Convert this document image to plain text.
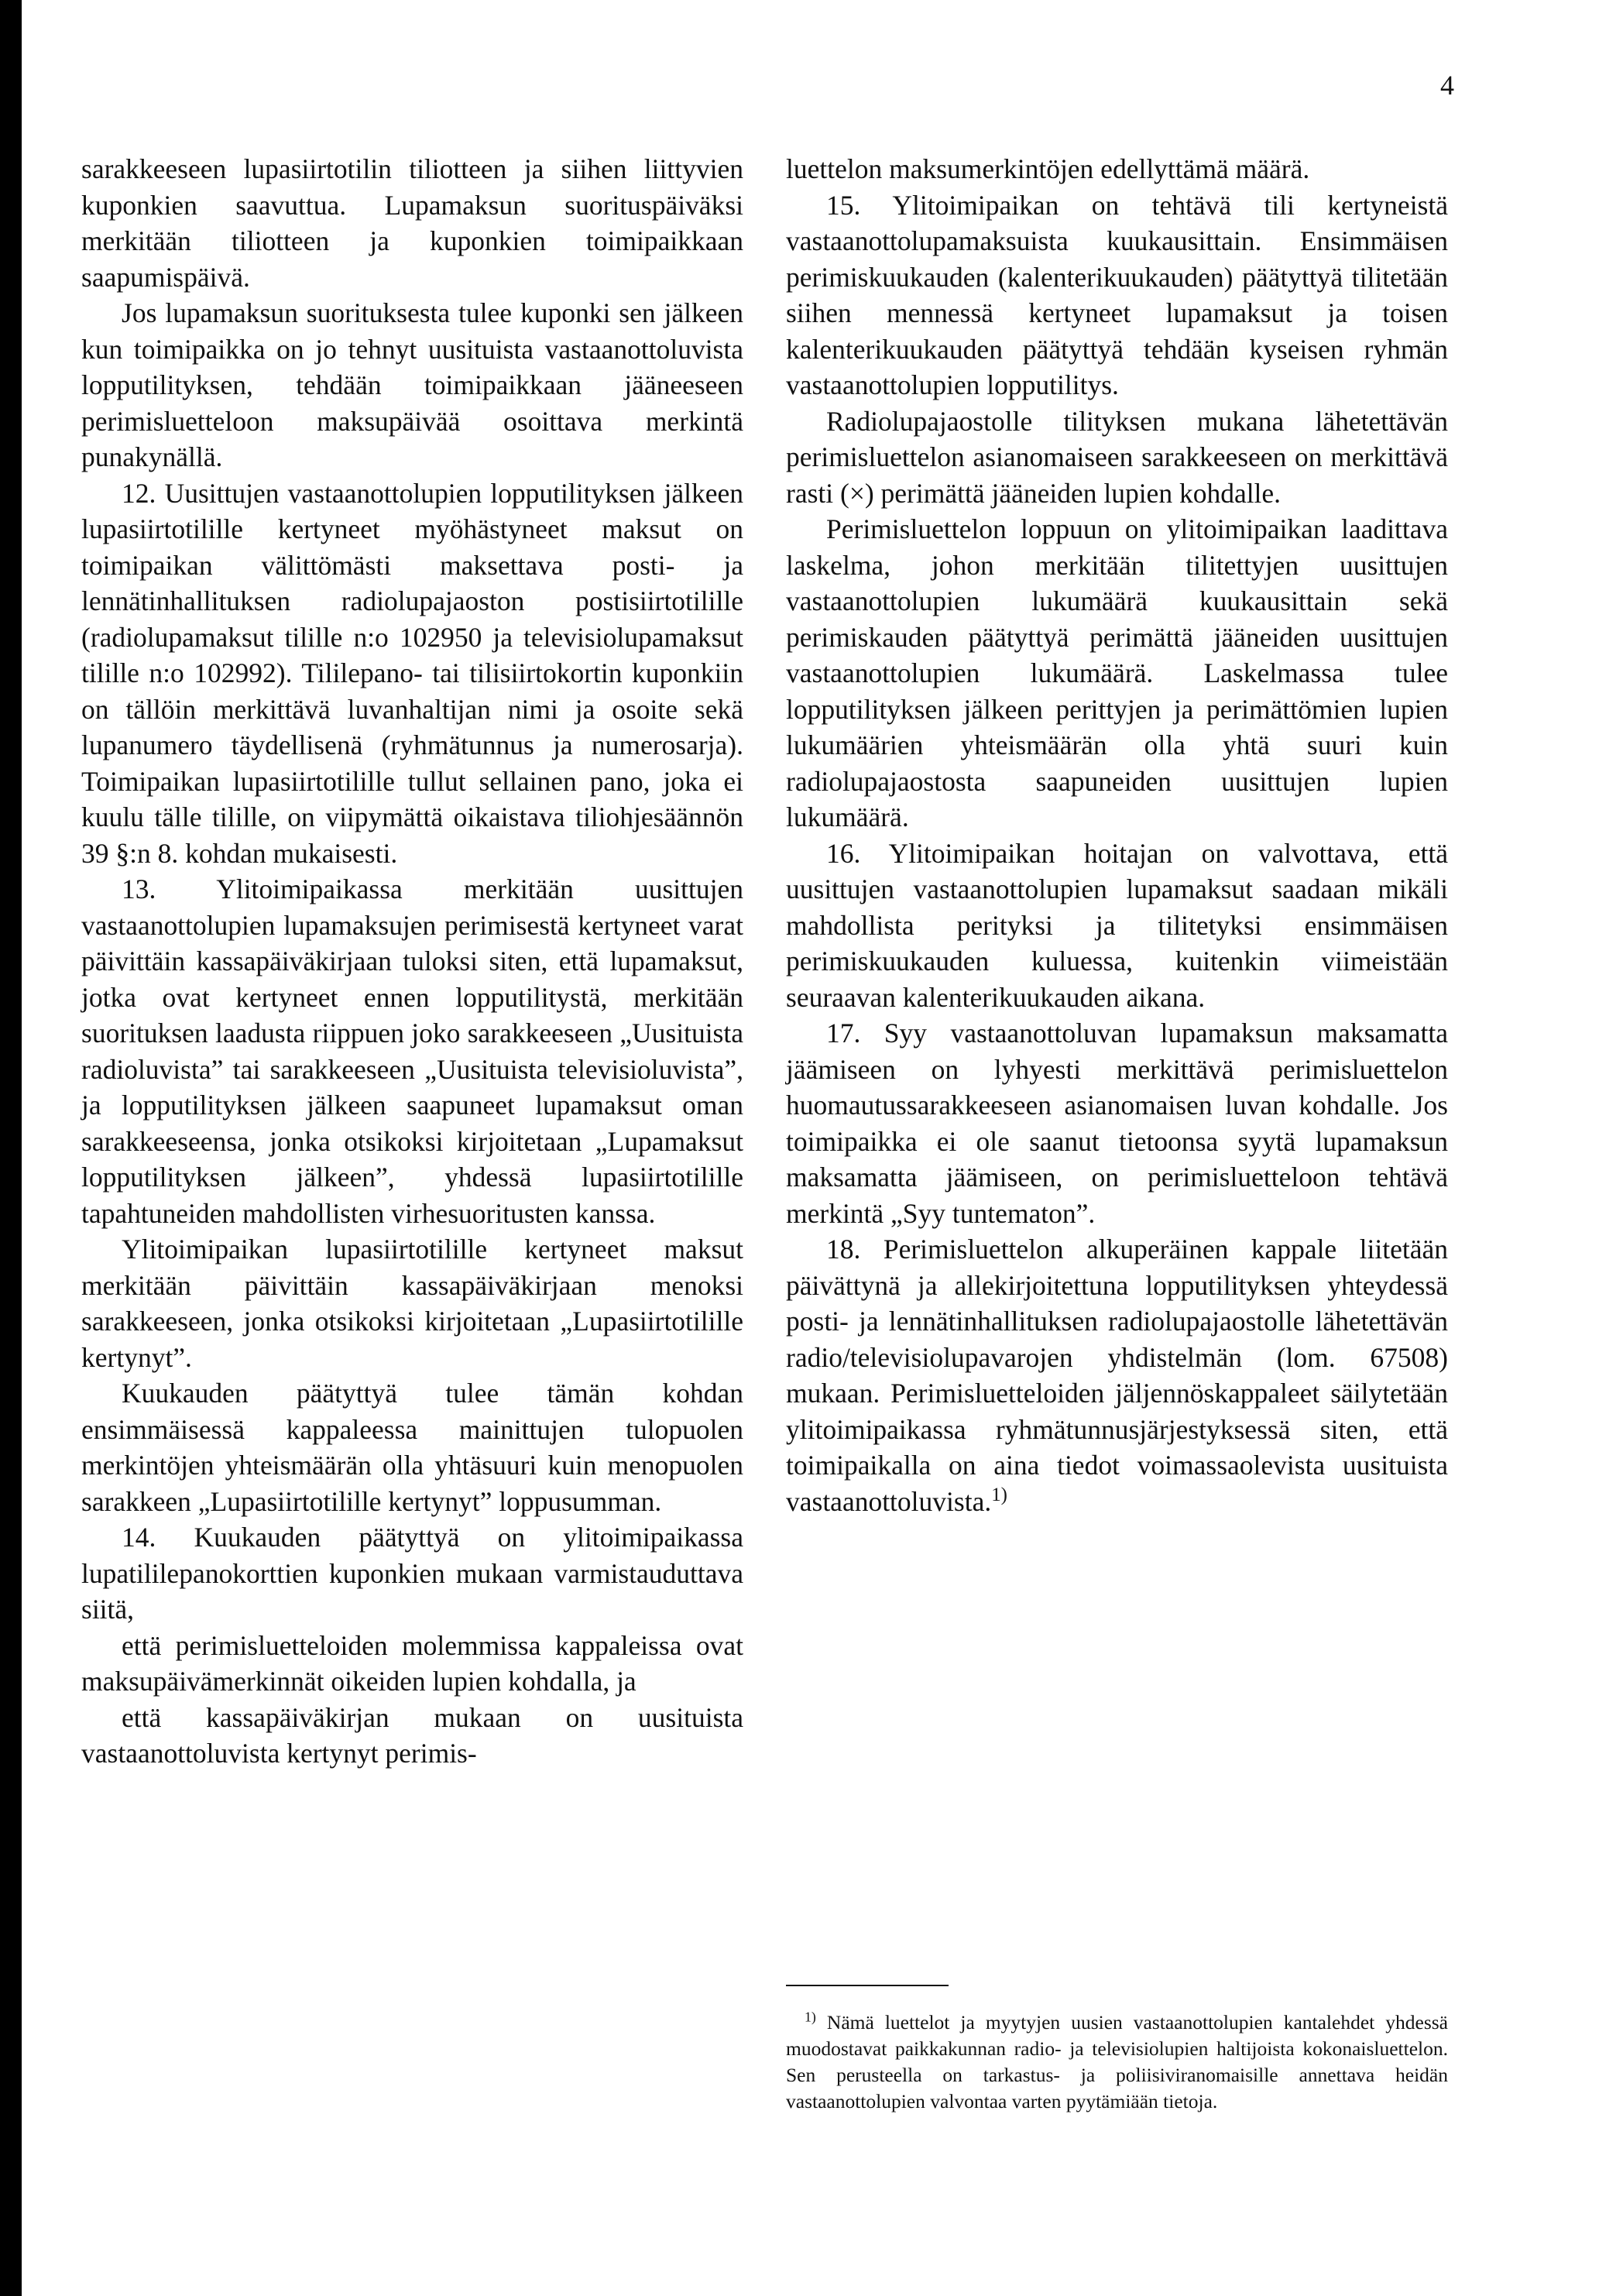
4

sarakkeeseen lupasiirtotilin tiliotteen ja siihen liittyvien kuponkien saavuttua. Lupamaksun suorituspäiväksi merkitään tiliotteen ja kuponkien toimipaikkaan saapumispäivä.

Jos lupamaksun suorituksesta tulee kuponki sen jälkeen kun toimipaikka on jo tehnyt uusituista vastaanottoluvista lopputilityksen, tehdään toimipaikkaan jääneeseen perimisluetteloon maksupäivää osoittava merkintä punakynällä.

12. Uusittujen vastaanottolupien lopputilityksen jälkeen lupasiirtotilille kertyneet myöhästyneet maksut on toimipaikan välittömästi maksettava posti- ja lennätinhallituksen radiolupajaoston postisiirtotilille (radiolupamaksut tilille n:o 102950 ja televisiolupamaksut tilille n:o 102992). Tililepano- tai tilisiirtokortin kuponkiin on tällöin merkittävä luvanhaltijan nimi ja osoite sekä lupanumero täydellisenä (ryhmätunnus ja numerosarja). Toimipaikan lupasiirtotilille tullut sellainen pano, joka ei kuulu tälle tilille, on viipymättä oikaistava tiliohjesäännön 39 §:n 8. kohdan mukaisesti.

13. Ylitoimipaikassa merkitään uusittujen vastaanottolupien lupamaksujen perimisestä kertyneet varat päivittäin kassapäiväkirjaan tuloksi siten, että lupamaksut, jotka ovat kertyneet ennen lopputilitystä, merkitään suorituksen laadusta riippuen joko sarakkeeseen „Uusituista radioluvista” tai sarakkeeseen „Uusituista televisioluvista”, ja lopputilityksen jälkeen saapuneet lupamaksut oman sarakkeeseensa, jonka otsikoksi kirjoitetaan „Lupamaksut lopputilityksen jälkeen”, yhdessä lupasiirtotilille tapahtuneiden mahdollisten virhesuoritusten kanssa.

Ylitoimipaikan lupasiirtotilille kertyneet maksut merkitään päivittäin kassapäiväkirjaan menoksi sarakkeeseen, jonka otsikoksi kirjoitetaan „Lupasiirtotilille kertynyt”.

Kuukauden päätyttyä tulee tämän kohdan ensimmäisessä kappaleessa mainittujen tulopuolen merkintöjen yhteismäärän olla yhtäsuuri kuin menopuolen sarakkeen „Lupasiirtotilille kertynyt” loppusumman.

14. Kuukauden päätyttyä on ylitoimipaikassa lupatililepanokorttien kuponkien mukaan varmistauduttava siitä,

että perimisluetteloiden molemmissa kappaleissa ovat maksupäivämerkinnät oikeiden lupien kohdalla, ja

että kassapäiväkirjan mukaan on uusituista vastaanottoluvista kertynyt perimis-

luettelon maksumerkintöjen edellyttämä määrä.

15. Ylitoimipaikan on tehtävä tili kertyneistä vastaanottolupamaksuista kuukausittain. Ensimmäisen perimiskuukauden (kalenterikuukauden) päätyttyä tilitetään siihen mennessä kertyneet lupamaksut ja toisen kalenterikuukauden päätyttyä tehdään kyseisen ryhmän vastaanottolupien lopputilitys.

Radiolupajaostolle tilityksen mukana lähetettävän perimisluettelon asianomaiseen sarakkeeseen on merkittävä rasti (×) perimättä jääneiden lupien kohdalle.

Perimisluettelon loppuun on ylitoimipaikan laadittava laskelma, johon merkitään tilitettyjen uusittujen vastaanottolupien lukumäärä kuukausittain sekä perimiskauden päätyttyä perimättä jääneiden uusittujen vastaanottolupien lukumäärä. Laskelmassa tulee lopputilityksen jälkeen perittyjen ja perimättömien lupien lukumäärien yhteismäärän olla yhtä suuri kuin radiolupajaostosta saapuneiden uusittujen lupien lukumäärä.

16. Ylitoimipaikan hoitajan on valvottava, että uusittujen vastaanottolupien lupamaksut saadaan mikäli mahdollista perityksi ja tilitetyksi ensimmäisen perimiskuukauden kuluessa, kuitenkin viimeistään seuraavan kalenterikuukauden aikana.

17. Syy vastaanottoluvan lupamaksun maksamatta jäämiseen on lyhyesti merkittävä perimisluettelon huomautussarakkeeseen asianomaisen luvan kohdalle. Jos toimipaikka ei ole saanut tietoonsa syytä lupamaksun maksamatta jäämiseen, on perimisluetteloon tehtävä merkintä „Syy tuntematon”.

18. Perimisluettelon alkuperäinen kappale liitetään päivättynä ja allekirjoitettuna lopputilityksen yhteydessä posti- ja lennätinhallituksen radiolupajaostolle lähetettävän radio/televisiolupavarojen yhdistelmän (lom. 67508) mukaan. Perimisluetteloiden jäljennöskappaleet säilytetään ylitoimipaikassa ryhmätunnusjärjestyksessä siten, että toimipaikalla on aina tiedot voimassaolevista uusituista vastaanottoluvista.$^{1)}$

$^{1)}$ Nämä luettelot ja myytyjen uusien vastaanottolupien kantalehdet yhdessä muodostavat paikkakunnan radio- ja televisiolupien haltijoista kokonaisluettelon. Sen perusteella on tarkastus- ja poliisiviranomaisille annettava heidän vastaanottolupien valvontaa varten pyytämiään tietoja.
